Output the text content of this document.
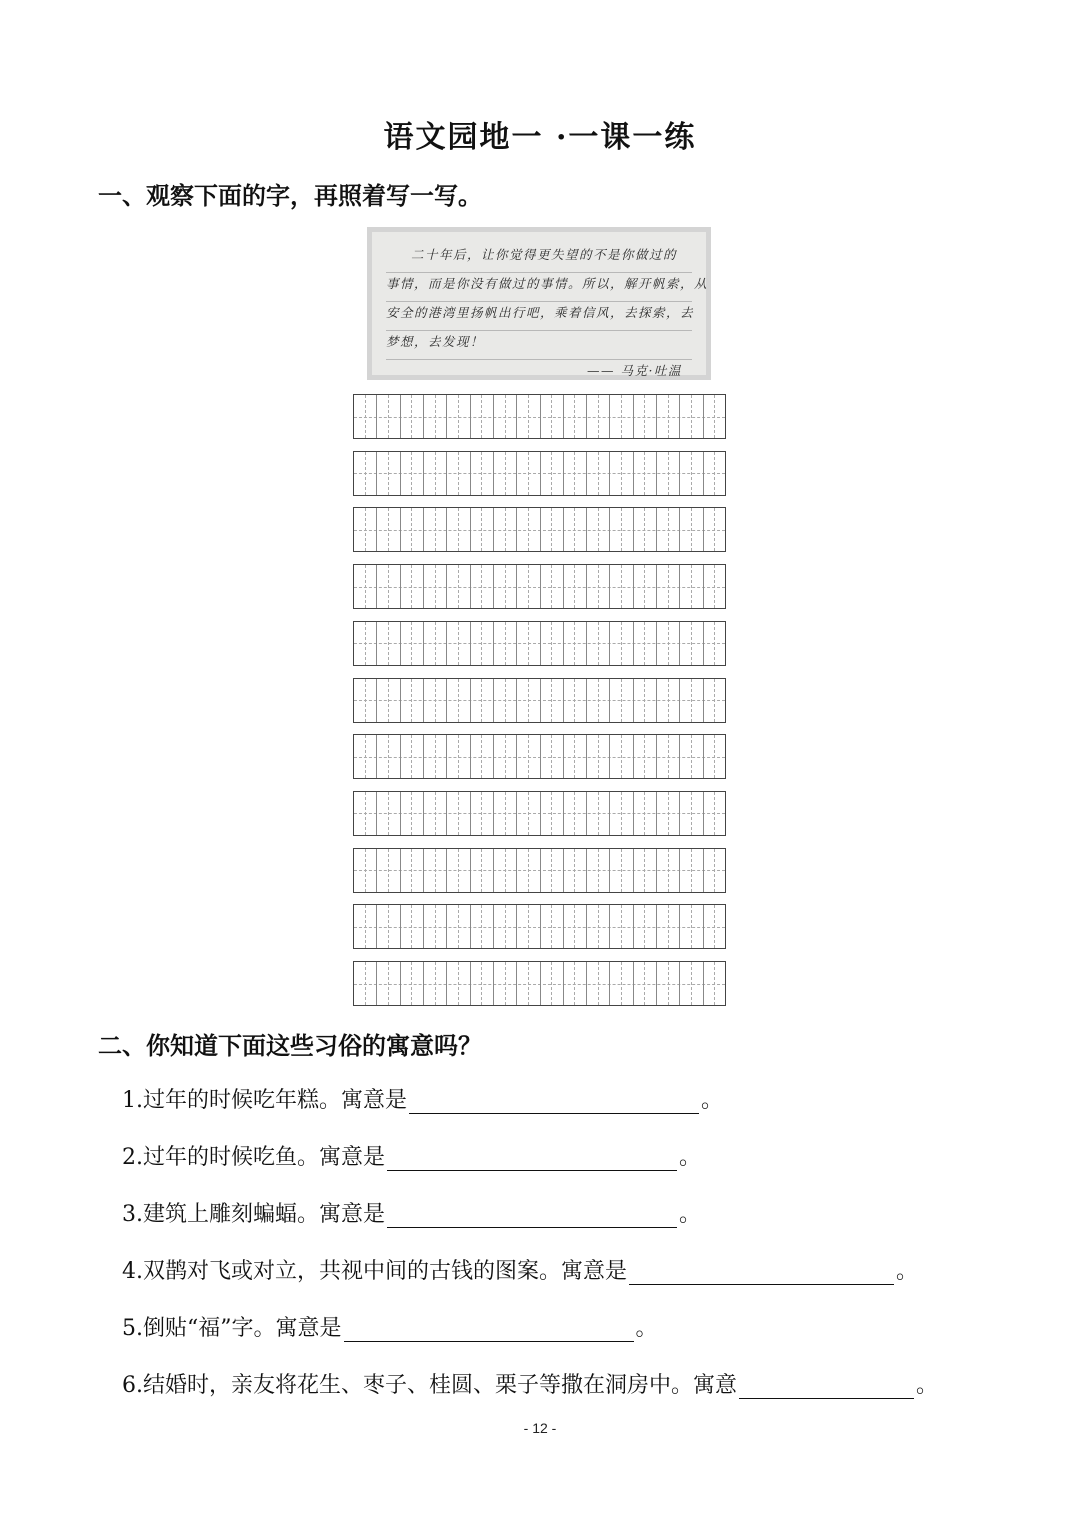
语文园地一 ·一课一练
一、观察下面的字，再照着写一写。
二十年后，让你觉得更失望的不是你做过的
事情，而是你没有做过的事情。所以，解开帆索，从
安全的港湾里扬帆出行吧，乘着信风，去探索，去
梦想，去发现！
—— 马克·吐温
二、你知道下面这些习俗的寓意吗？
1.过年的时候吃年糕。寓意是	。
2.过年的时候吃鱼。寓意是	。
3.建筑上雕刻蝙蝠。寓意是	。
4.双鹊对飞或对立，共视中间的古钱的图案。寓意是	。
5.倒贴“福”字。寓意是	。
6.结婚时，亲友将花生、枣子、桂圆、栗子等撒在洞房中。寓意	。
- 12 -
